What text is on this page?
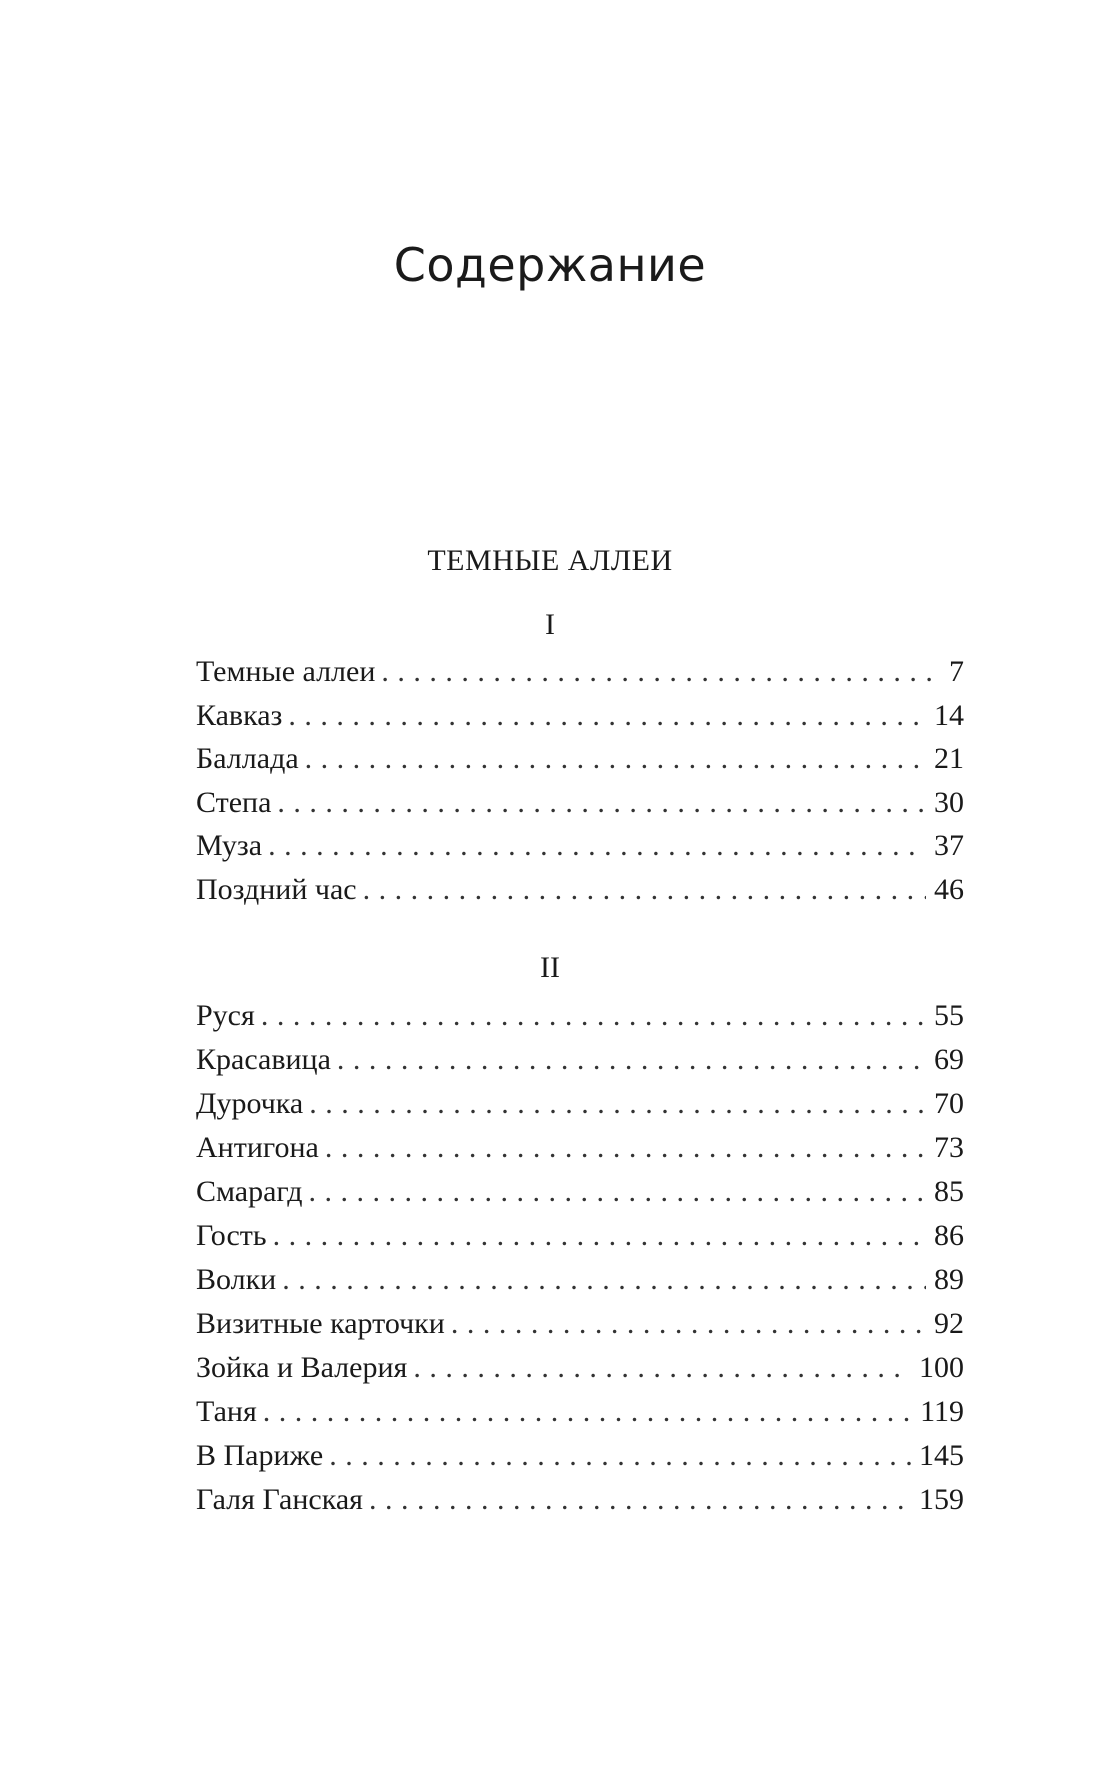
Содержание
ТЕМНЫЕ АЛЛЕИ
I
Темные аллеи . . .	7
Кавказ . . .	14
Баллада . . .	21
Степа . . .	30
Муза . . .	37
Поздний час . . .	46
II
Руся . . .	55
Красавица . . .	69
Дурочка . . .	70
Антигона . . .	73
Смарагд . . .	85
Гость . . .	86
Волки . . .	89
Визитные карточки . . .	92
Зойка и Валерия . . .	100
Таня . . .	119
В Париже . . .	145
Галя Ганская . . .	159
